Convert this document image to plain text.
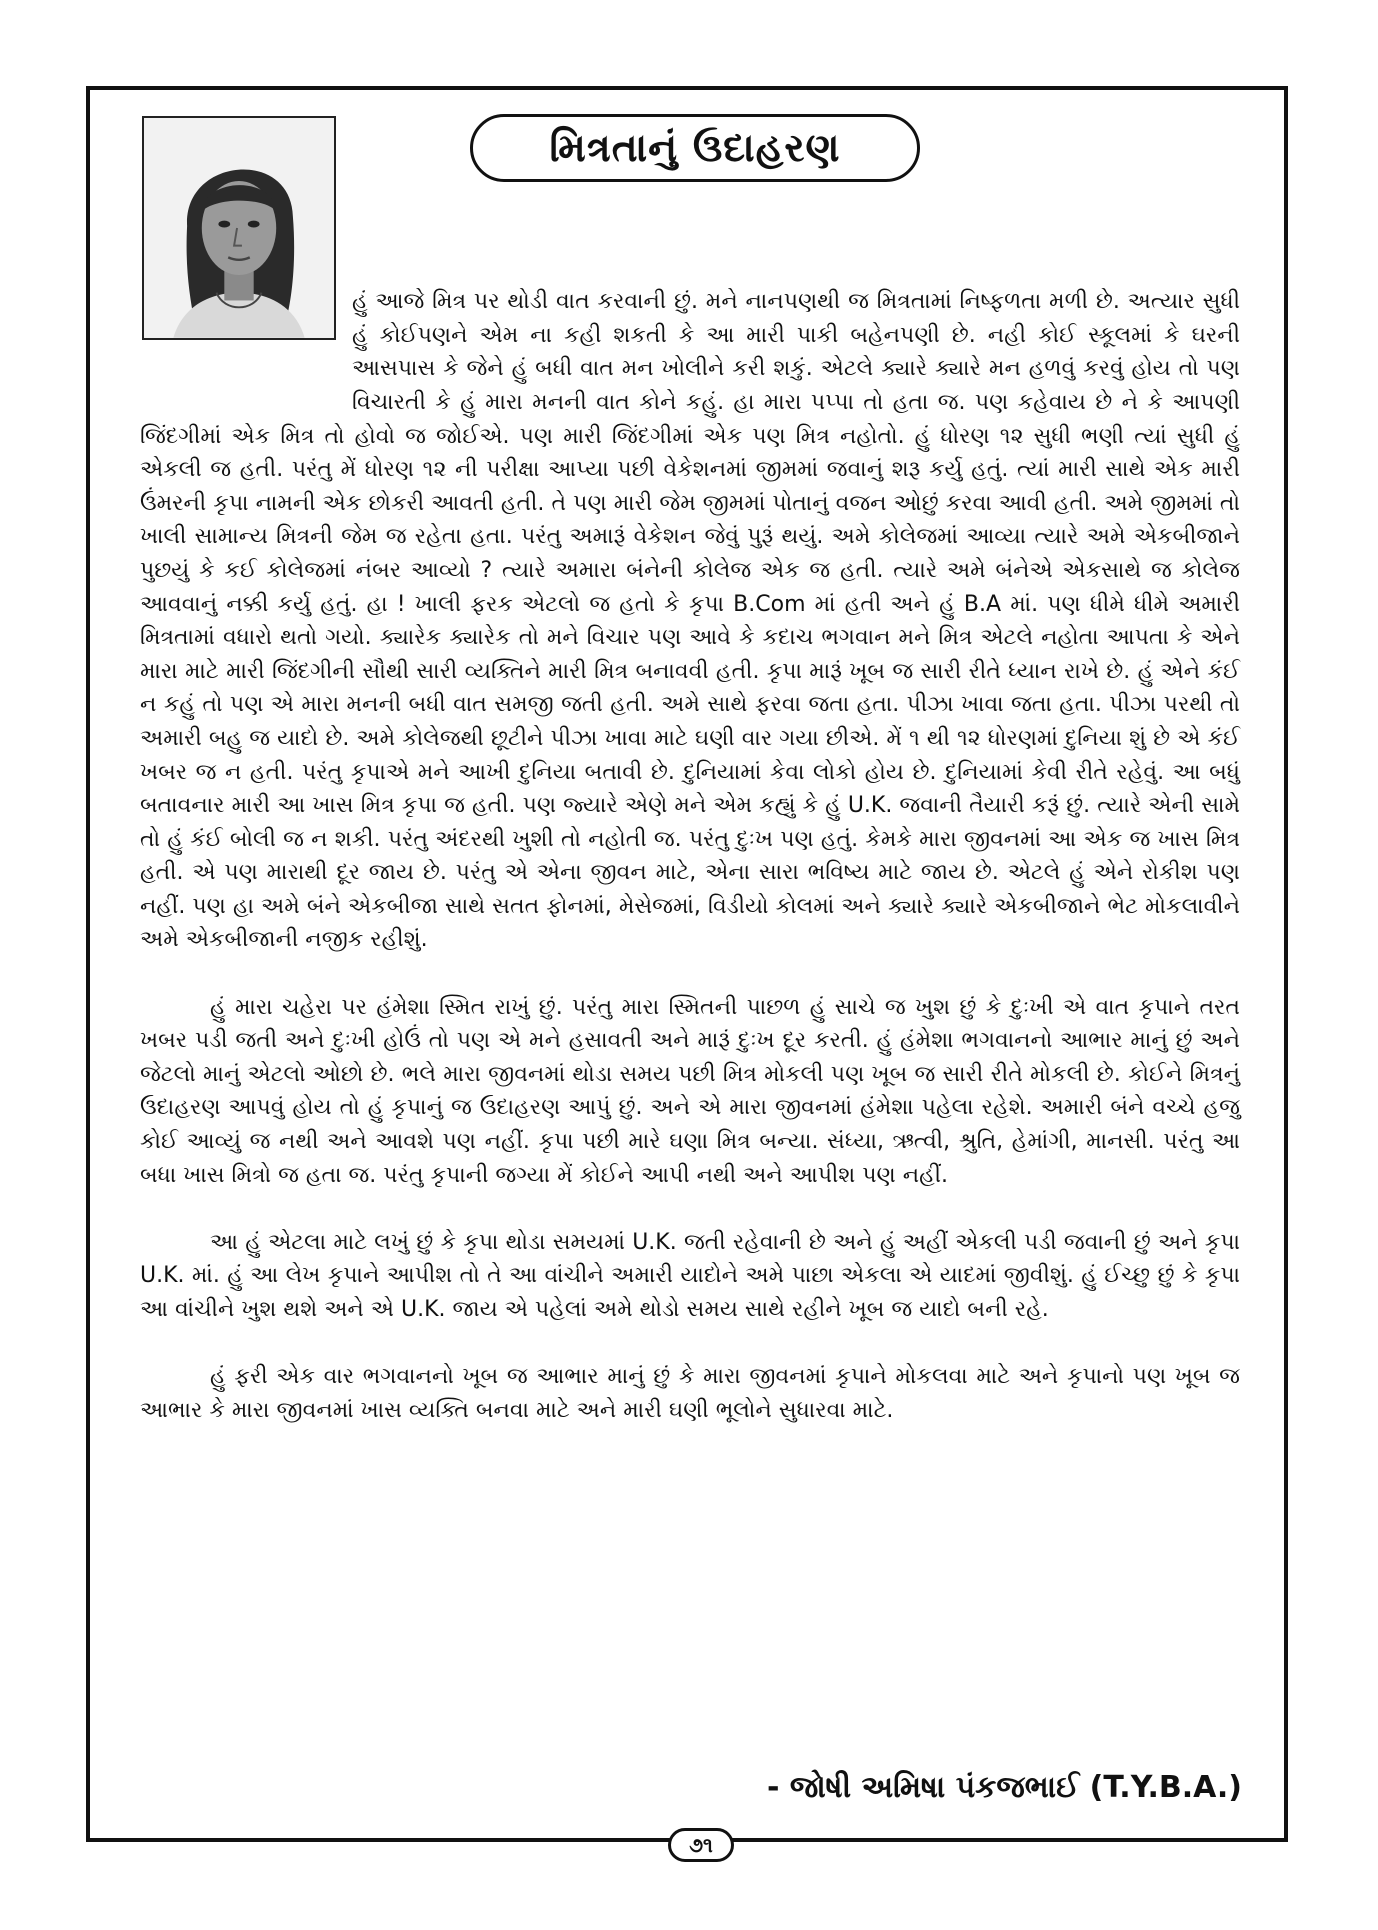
મિત્રતાનું ઉદાહરણ

હું આજે મિત્ર પર થોડી વાત કરવાની છું. મને નાનપણથી જ મિત્રતામાં નિષ્ફળતા મળી છે. અત્યાર સુધી હું કોઈપણને એમ ના કહી શકતી કે આ મારી પાકી બહેનપણી છે. નહી કોઈ સ્કૂલમાં કે ઘરની આસપાસ કે જેને હું બધી વાત મન ખોલીને કરી શકું. એટલે ક્યારે ક્યારે મન હળવું કરવું હોય તો પણ વિચારતી કે હું મારા મનની વાત કોને કહું. હા મારા પપ્પા તો હતા જ. પણ કહેવાય છે ને કે આપણી જિંદગીમાં એક મિત્ર તો હોવો જ જોઈએ. પણ મારી જિંદગીમાં એક પણ મિત્ર નહોતો. હું ધોરણ ૧૨ સુધી ભણી ત્યાં સુધી હું એકલી જ હતી. પરંતુ મેં ધોરણ ૧૨ ની પરીક્ષા આપ્યા પછી વેકેશનમાં જીમમાં જવાનું શરૂ કર્યુ હતું. ત્યાં મારી સાથે એક મારી ઉંમરની કૃપા નામની એક છોકરી આવતી હતી. તે પણ મારી જેમ જીમમાં પોતાનું વજન ઓછું કરવા આવી હતી. અમે જીમમાં તો ખાલી સામાન્ય મિત્રની જેમ જ રહેતા હતા. પરંતુ અમારૂં વેકેશન જેવું પુરૂં થયું. અમે કોલેજમાં આવ્યા ત્યારે અમે એકબીજાને પુછયું કે કઈ કોલેજમાં નંબર આવ્યો ? ત્યારે અમારા બંનેની કોલેજ એક જ હતી. ત્યારે અમે બંનેએ એકસાથે જ કોલેજ આવવાનું નક્કી કર્યુ હતું. હા ! ખાલી ફરક એટલો જ હતો કે કૃપા B.Com માં હતી અને હું B.A માં. પણ ધીમે ધીમે અમારી મિત્રતામાં વધારો થતો ગયો. ક્યારેક ક્યારેક તો મને વિચાર પણ આવે કે કદાચ ભગવાન મને મિત્ર એટલે નહોતા આપતા કે એને મારા માટે મારી જિંદગીની સૌથી સારી વ્યક્તિને મારી મિત્ર બનાવવી હતી. કૃપા મારૂં ખૂબ જ સારી રીતે ધ્યાન રાખે છે. હું એને કંઈ ન કહું તો પણ એ મારા મનની બધી વાત સમજી જતી હતી. અમે સાથે ફરવા જતા હતા. પીઝા ખાવા જતા હતા. પીઝા પરથી તો અમારી બહુ જ યાદો છે. અમે કોલેજથી છૂટીને પીઝા ખાવા માટે ઘણી વાર ગયા છીએ. મેં ૧ થી ૧૨ ધોરણમાં દુનિયા શું છે એ કંઈ ખબર જ ન હતી. પરંતુ કૃપાએ મને આખી દુનિયા બતાવી છે. દુનિયામાં કેવા લોકો હોય છે. દુનિયામાં કેવી રીતે રહેવું. આ બધું બતાવનાર મારી આ ખાસ મિત્ર કૃપા જ હતી. પણ જ્યારે એણે મને એમ કહ્યું કે હું U.K. જવાની તૈયારી કરૂં છું. ત્યારે એની સામે તો હું કંઈ બોલી જ ન શકી. પરંતુ અંદરથી ખુશી તો નહોતી જ. પરંતુ દુઃખ પણ હતું. કેમકે મારા જીવનમાં આ એક જ ખાસ મિત્ર હતી. એ પણ મારાથી દૂર જાય છે. પરંતુ એ એના જીવન માટે, એના સારા ભવિષ્ય માટે જાય છે. એટલે હું એને રોકીશ પણ નહીં. પણ હા અમે બંને એકબીજા સાથે સતત ફોનમાં, મેસેજમાં, વિડીયો કોલમાં અને ક્યારે ક્યારે એકબીજાને ભેટ મોકલાવીને અમે એકબીજાની નજીક રહીશું.

હું મારા ચહેરા પર હંમેશા સ્મિત રાખું છું. પરંતુ મારા સ્મિતની પાછળ હું સાચે જ ખુશ છું કે દુઃખી એ વાત કૃપાને તરત ખબર પડી જતી અને દુઃખી હોઉં તો પણ એ મને હસાવતી અને મારૂં દુઃખ દૂર કરતી. હું હંમેશા ભગવાનનો આભાર માનું છું અને જેટલો માનું એટલો ઓછો છે. ભલે મારા જીવનમાં થોડા સમય પછી મિત્ર મોકલી પણ ખૂબ જ સારી રીતે મોકલી છે. કોઈને મિત્રનું ઉદાહરણ આપવું હોય તો હું કૃપાનું જ ઉદાહરણ આપું છું. અને એ મારા જીવનમાં હંમેશા પહેલા રહેશે. અમારી બંને વચ્ચે હજુ કોઈ આવ્યું જ નથી અને આવશે પણ નહીં. કૃપા પછી મારે ઘણા મિત્ર બન્યા. સંધ્યા, ઋત્વી, શ્રુતિ, હેમાંગી, માનસી. પરંતુ આ બધા ખાસ મિત્રો જ હતા જ. પરંતુ કૃપાની જગ્યા મેં કોઈને આપી નથી અને આપીશ પણ નહીં.

આ હું એટલા માટે લખું છું કે કૃપા થોડા સમયમાં U.K. જતી રહેવાની છે અને હું અહીં એકલી પડી જવાની છું અને કૃપા U.K. માં. હું આ લેખ કૃપાને આપીશ તો તે આ વાંચીને અમારી યાદોને અમે પાછા એકલા એ યાદમાં જીવીશું. હું ઈચ્છુ છું કે કૃપા આ વાંચીને ખુશ થશે અને એ U.K. જાય એ પહેલાં અમે થોડો સમય સાથે રહીને ખૂબ જ યાદો બની રહે.

હું ફરી એક વાર ભગવાનનો ખૂબ જ આભાર માનું છું કે મારા જીવનમાં કૃપાને મોકલવા માટે અને કૃપાનો પણ ખૂબ જ આભાર કે મારા જીવનમાં ખાસ વ્યક્તિ બનવા માટે અને મારી ઘણી ભૂલોને સુધારવા માટે.

- જોષી અમિષા પંકજભાઈ (T.Y.B.A.)
૭૧
